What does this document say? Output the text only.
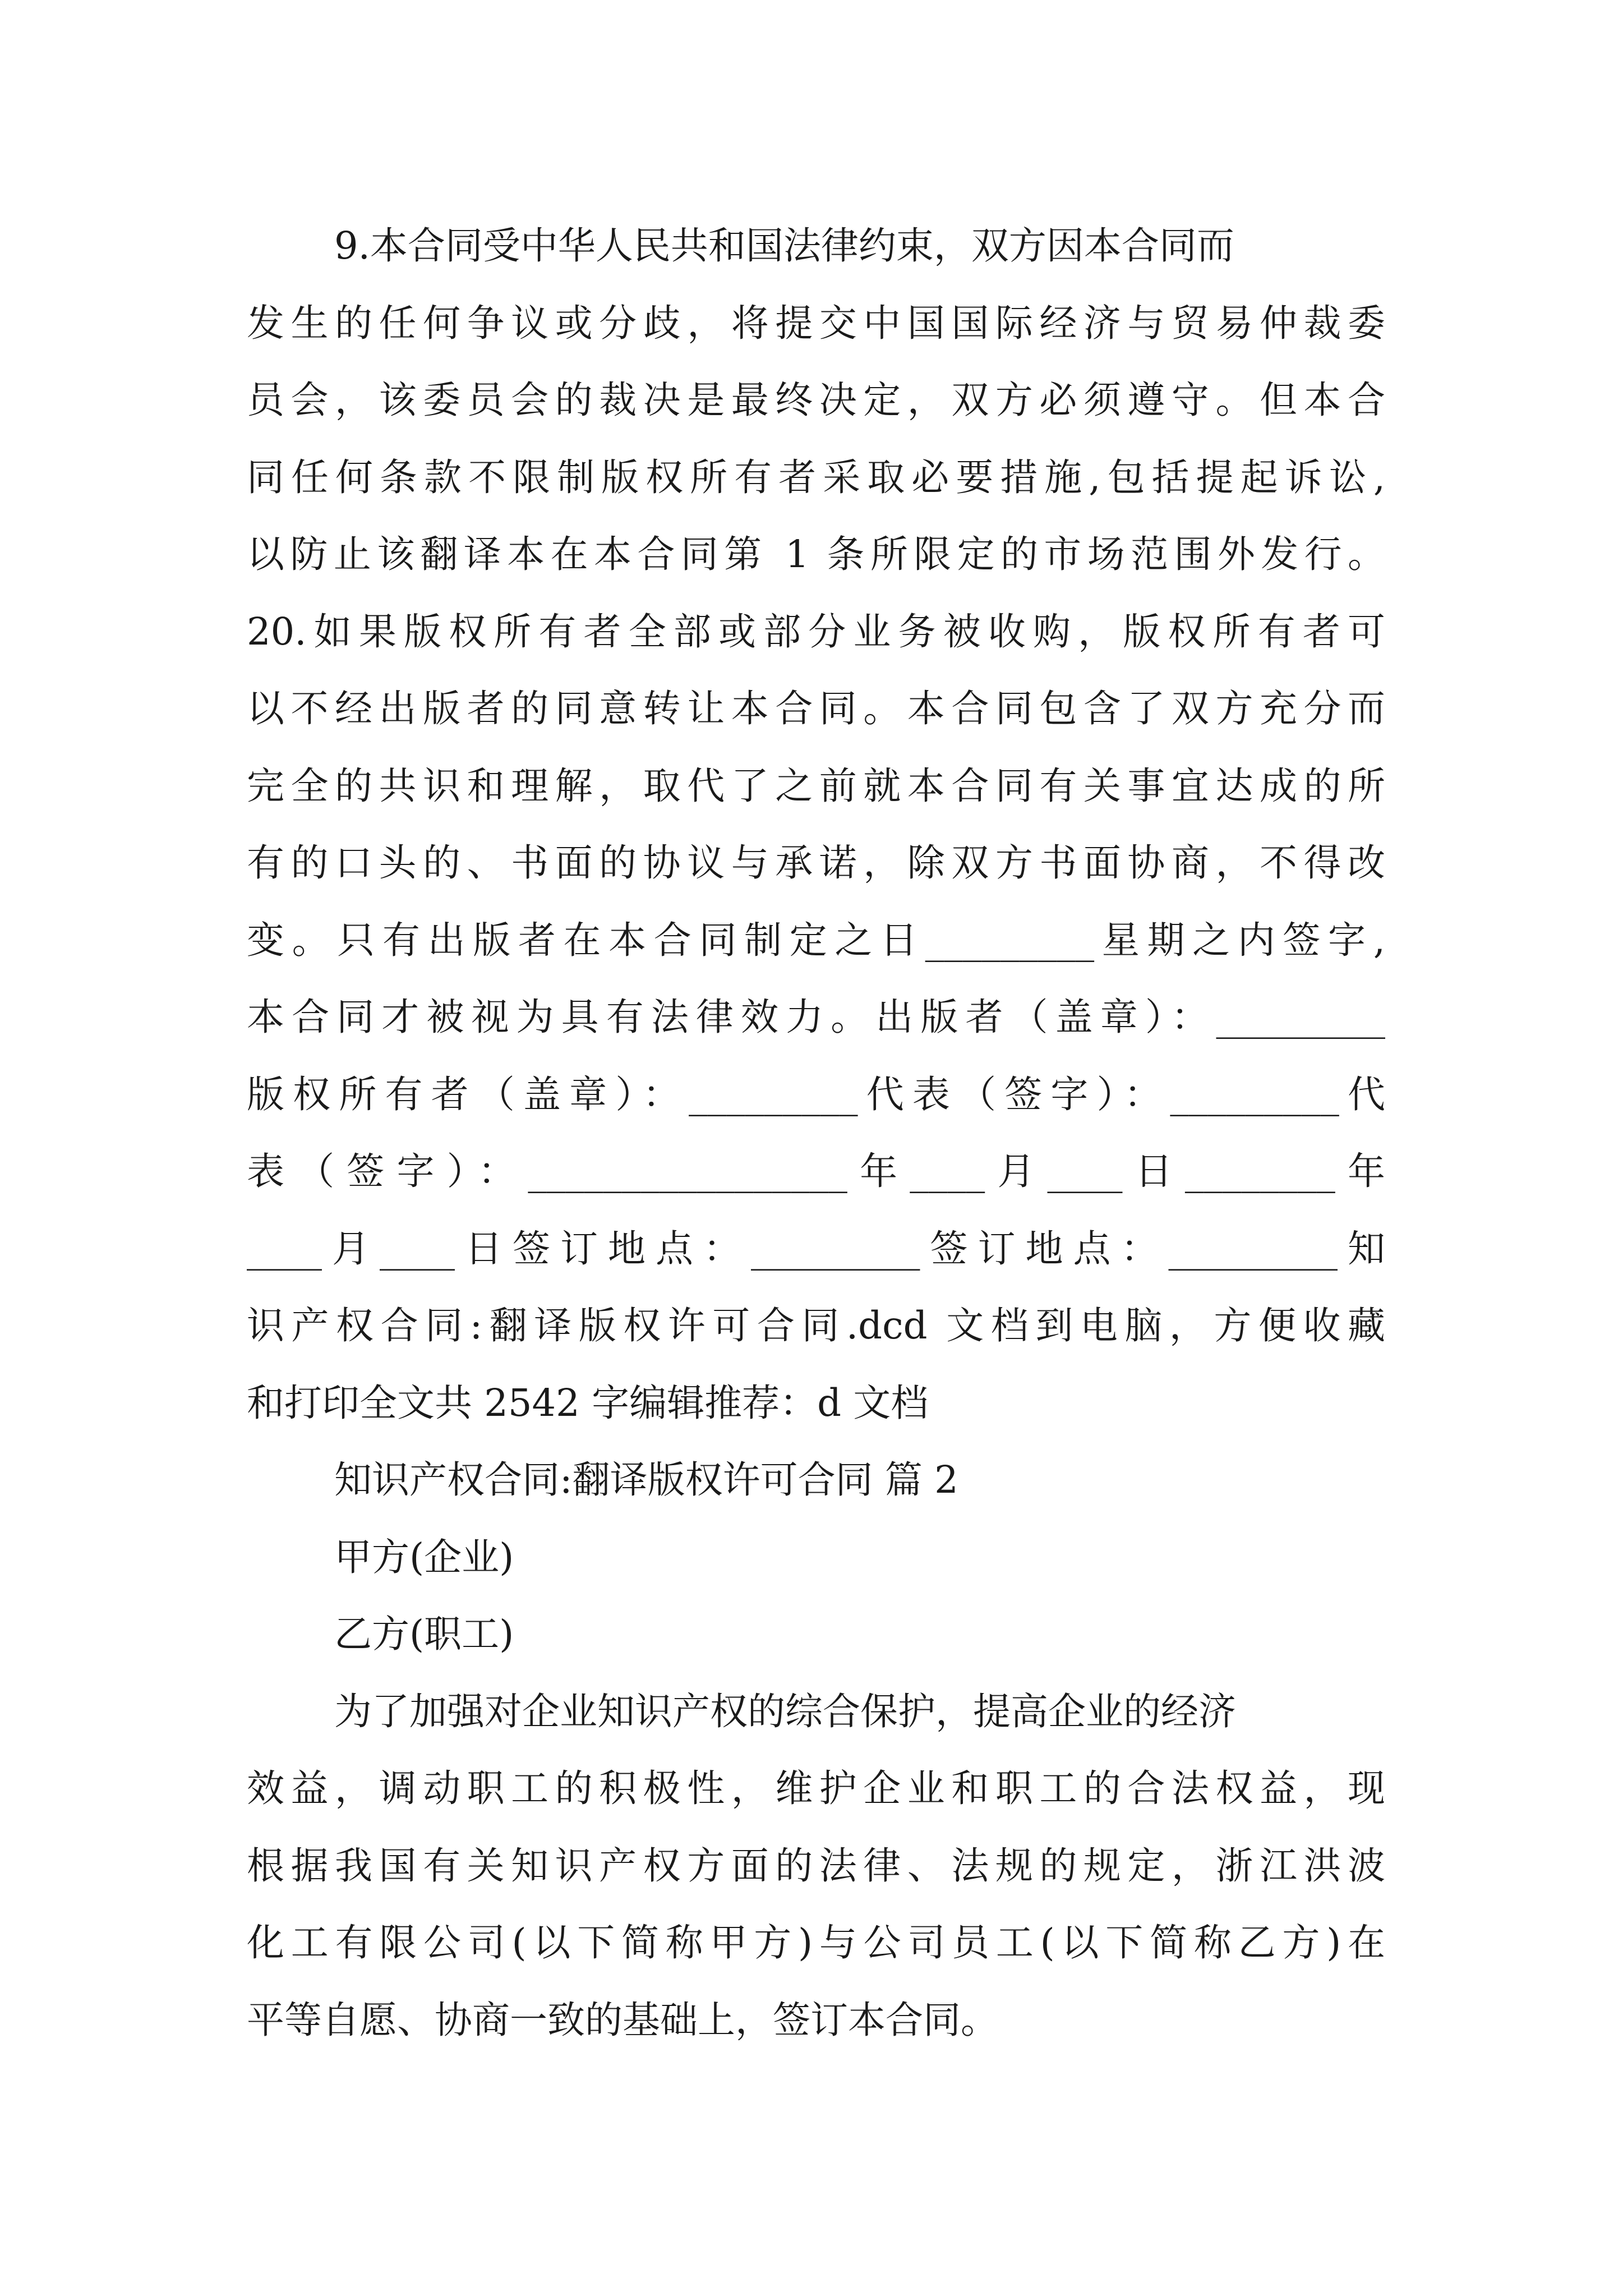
9.本合同受中华人民共和国法律约束，双方因本合同而
发生的任何争议或分歧，将提交中国国际经济与贸易仲裁委
员会，该委员会的裁决是最终决定，双方必须遵守。但本合
同任何条款不限制版权所有者采取必要措施,包括提起诉讼,
以防止该翻译本在本合同第 1 条所限定的市场范围外发行。
20.如果版权所有者全部或部分业务被收购，版权所有者可
以不经出版者的同意转让本合同。本合同包含了双方充分而
完全的共识和理解，取代了之前就本合同有关事宜达成的所
有的口头的、书面的协议与承诺，除双方书面协商，不得改
变。只有出版者在本合同制定之日_________星期之内签字,
本合同才被视为具有法律效力。出版者（盖章）：_________
版权所有者（盖章）：_________代表（签字）：_________代
表（签字）：_________________年____月____日________年
____月____日签订地点：_________签订地点：_________知
识产权合同:翻译版权许可合同.dcd 文档到电脑，方便收藏
和打印全文共 2542 字编辑推荐：d 文档
知识产权合同:翻译版权许可合同 篇 2
甲方(企业)
乙方(职工)
为了加强对企业知识产权的综合保护，提高企业的经济
效益，调动职工的积极性，维护企业和职工的合法权益，现
根据我国有关知识产权方面的法律、法规的规定，浙江洪波
化工有限公司(以下简称甲方)与公司员工(以下简称乙方)在
平等自愿、协商一致的基础上，签订本合同。
